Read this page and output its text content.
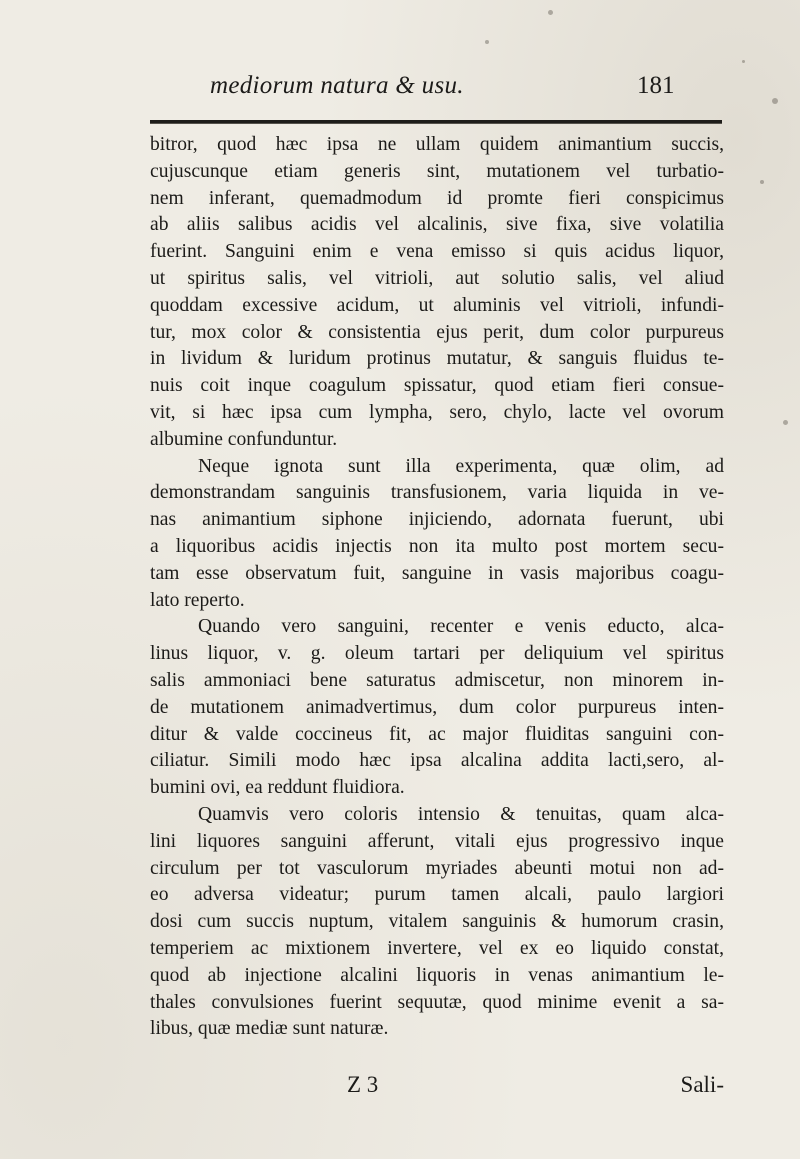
mediorum natura & usu.	181
bitror, quod hæc ipsa ne ullam quidem animantium succis,
cujuscunque etiam generis sint, mutationem vel turbatio-
nem inferant, quemadmodum id promte fieri conspicimus
ab aliis salibus acidis vel alcalinis, sive fixa, sive volatilia
fuerint. Sanguini enim e vena emisso si quis acidus liquor,
ut spiritus salis, vel vitrioli, aut solutio salis, vel aliud
quoddam excessive acidum, ut aluminis vel vitrioli, infundi-
tur, mox color & consistentia ejus perit, dum color purpureus
in lividum & luridum protinus mutatur, & sanguis fluidus te-
nuis coit inque coagulum spissatur, quod etiam fieri consue-
vit, si hæc ipsa cum lympha, sero, chylo, lacte vel ovorum
albumine confunduntur.
Neque ignota sunt illa experimenta, quæ olim, ad
demonstrandam sanguinis transfusionem, varia liquida in ve-
nas animantium siphone injiciendo, adornata fuerunt, ubi
a liquoribus acidis injectis non ita multo post mortem secu-
tam esse observatum fuit, sanguine in vasis majoribus coagu-
lato reperto.
Quando vero sanguini, recenter e venis educto, alca-
linus liquor, v. g. oleum tartari per deliquium vel spiritus
salis ammoniaci bene saturatus admiscetur, non minorem in-
de mutationem animadvertimus, dum color purpureus inten-
ditur & valde coccineus fit, ac major fluiditas sanguini con-
ciliatur. Simili modo hæc ipsa alcalina addita lacti,sero, al-
bumini ovi, ea reddunt fluidiora.
Quamvis vero coloris intensio & tenuitas, quam alca-
lini liquores sanguini afferunt, vitali ejus progressivo inque
circulum per tot vasculorum myriades abeunti motui non ad-
eo adversa videatur; purum tamen alcali, paulo largiori
dosi cum succis nuptum, vitalem sanguinis & humorum crasin,
temperiem ac mixtionem invertere, vel ex eo liquido constat,
quod ab injectione alcalini liquoris in venas animantium le-
thales convulsiones fuerint sequutæ, quod minime evenit a sa-
libus, quæ mediæ sunt naturæ.
Z 3	Sali-
